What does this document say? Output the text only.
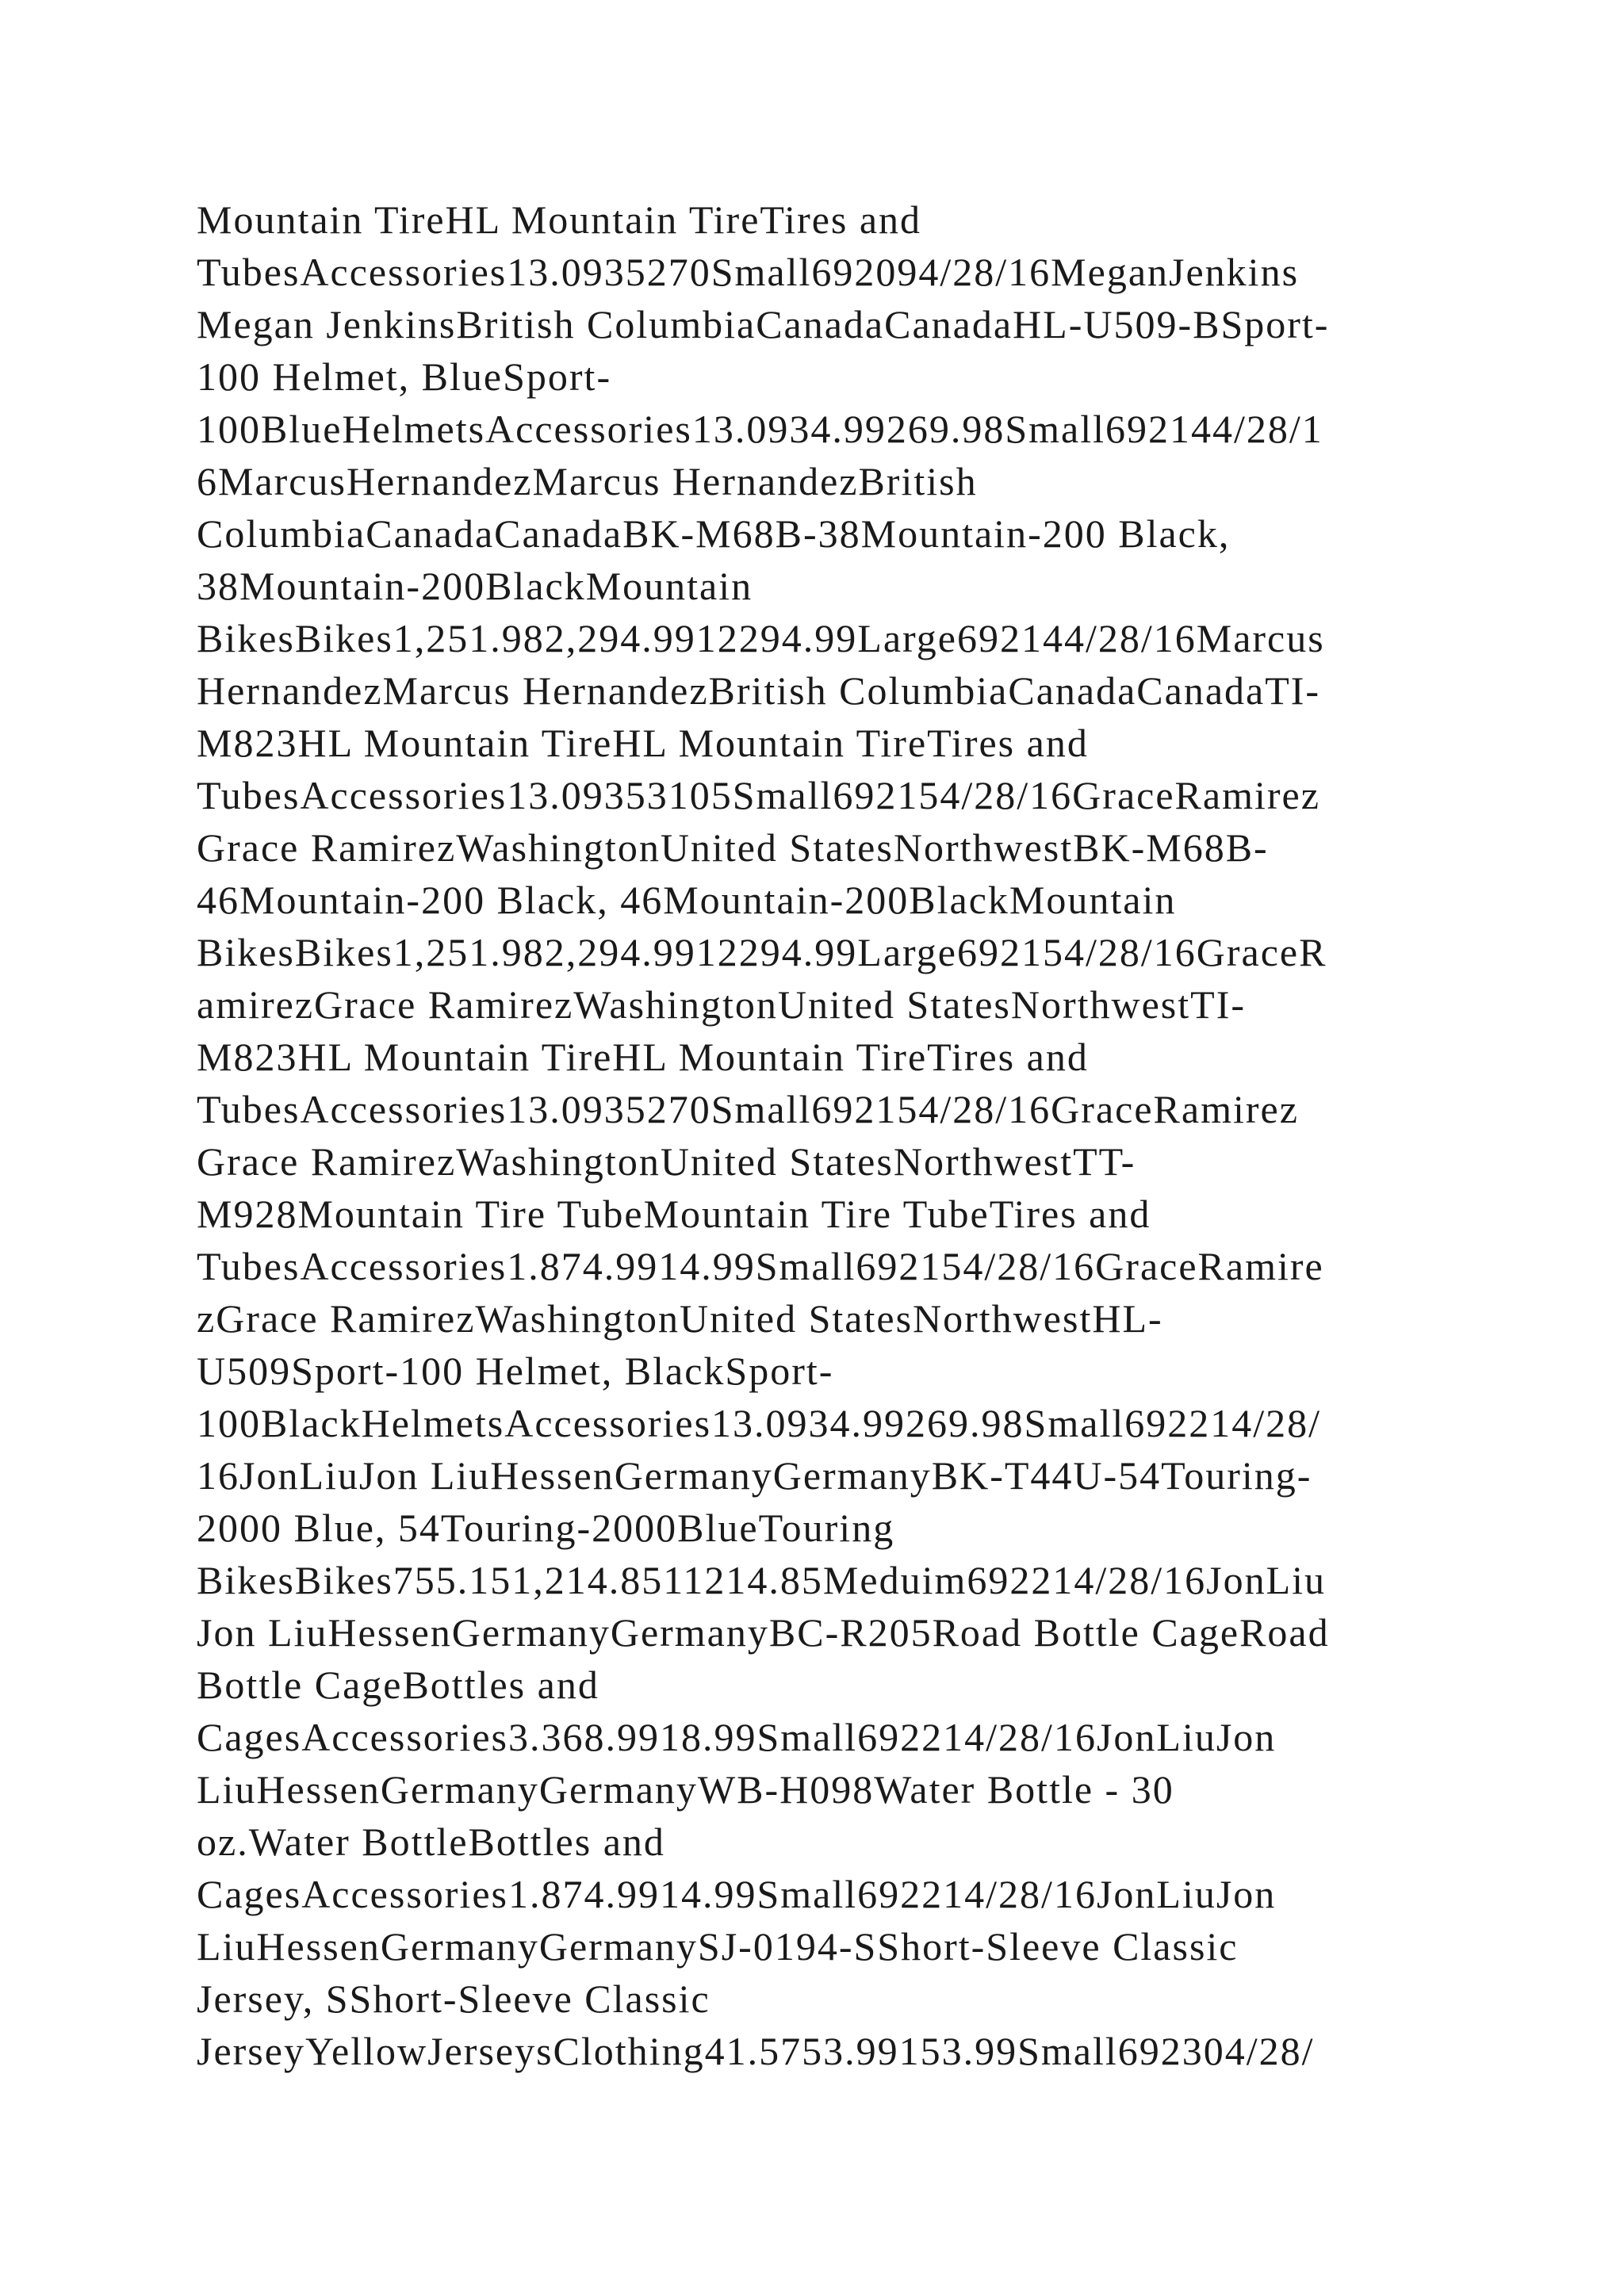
Mountain TireHL Mountain TireTires and
TubesAccessories13.0935270Small692094/28/16MeganJenkins
Megan JenkinsBritish ColumbiaCanadaCanadaHL-U509-BSport-
100 Helmet, BlueSport-
100BlueHelmetsAccessories13.0934.99269.98Small692144/28/1
6MarcusHernandezMarcus HernandezBritish
ColumbiaCanadaCanadaBK-M68B-38Mountain-200 Black,
38Mountain-200BlackMountain
BikesBikes1,251.982,294.9912294.99Large692144/28/16Marcus
HernandezMarcus HernandezBritish ColumbiaCanadaCanadaTI-
M823HL Mountain TireHL Mountain TireTires and
TubesAccessories13.09353105Small692154/28/16GraceRamirez
Grace RamirezWashingtonUnited StatesNorthwestBK-M68B-
46Mountain-200 Black, 46Mountain-200BlackMountain
BikesBikes1,251.982,294.9912294.99Large692154/28/16GraceR
amirezGrace RamirezWashingtonUnited StatesNorthwestTI-
M823HL Mountain TireHL Mountain TireTires and
TubesAccessories13.0935270Small692154/28/16GraceRamirez
Grace RamirezWashingtonUnited StatesNorthwestTT-
M928Mountain Tire TubeMountain Tire TubeTires and
TubesAccessories1.874.9914.99Small692154/28/16GraceRamire
zGrace RamirezWashingtonUnited StatesNorthwestHL-
U509Sport-100 Helmet, BlackSport-
100BlackHelmetsAccessories13.0934.99269.98Small692214/28/
16JonLiuJon LiuHessenGermanyGermanyBK-T44U-54Touring-
2000 Blue, 54Touring-2000BlueTouring
BikesBikes755.151,214.8511214.85Meduim692214/28/16JonLiu
Jon LiuHessenGermanyGermanyBC-R205Road Bottle CageRoad
Bottle CageBottles and
CagesAccessories3.368.9918.99Small692214/28/16JonLiuJon
LiuHessenGermanyGermanyWB-H098Water Bottle - 30
oz.Water BottleBottles and
CagesAccessories1.874.9914.99Small692214/28/16JonLiuJon
LiuHessenGermanyGermanySJ-0194-SShort-Sleeve Classic
Jersey, SShort-Sleeve Classic
JerseyYellowJerseysClothing41.5753.99153.99Small692304/28/
